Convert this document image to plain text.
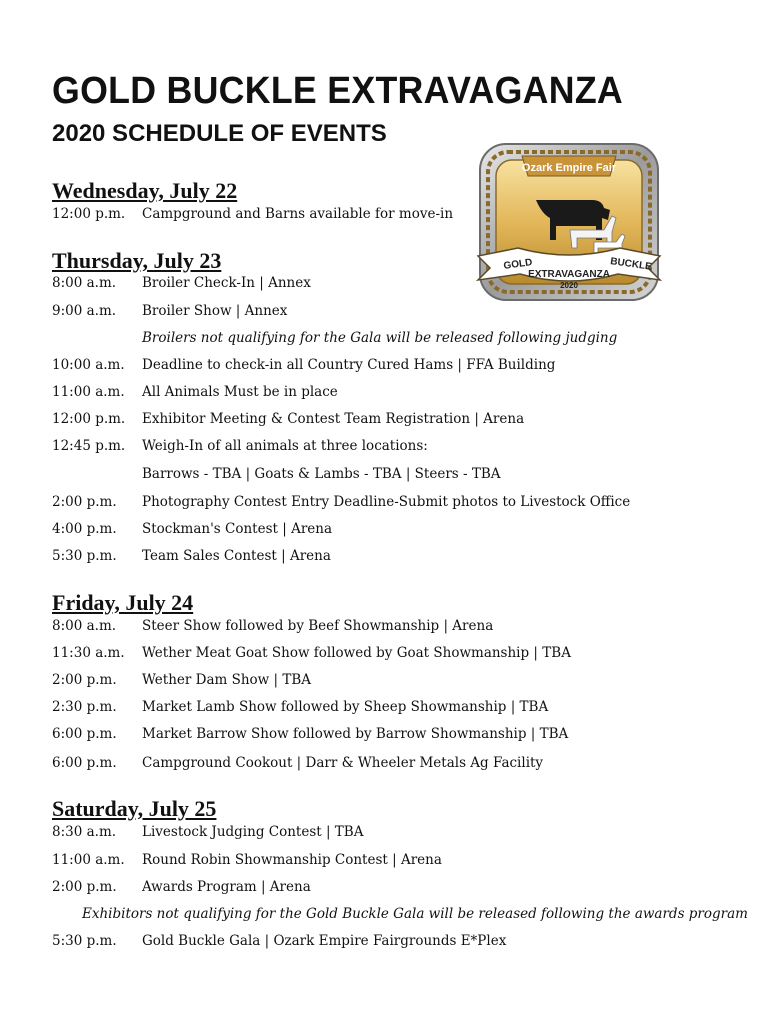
GOLD BUCKLE EXTRAVAGANZA
2020 SCHEDULE OF EVENTS
Ozark Empire Fair
GOLD	BUCKLE
EXTRAVAGANZA
2020
Wednesday, July 22
12:00 p.m. Campground and Barns available for move-in
Thursday, July 23
8:00 a.m. Broiler Check-In | Annex
9:00 a.m. Broiler Show | Annex
Broilers not qualifying for the Gala will be released following judging
10:00 a.m. Deadline to check-in all Country Cured Hams | FFA Building
11:00 a.m. All Animals Must be in place
12:00 p.m. Exhibitor Meeting & Contest Team Registration | Arena
12:45 p.m. Weigh-In of all animals at three locations:
Barrows - TBA | Goats & Lambs - TBA | Steers - TBA
2:00 p.m. Photography Contest Entry Deadline-Submit photos to Livestock Office
4:00 p.m. Stockman's Contest | Arena
5:30 p.m. Team Sales Contest | Arena
Friday, July 24
8:00 a.m. Steer Show followed by Beef Showmanship | Arena
11:30 a.m. Wether Meat Goat Show followed by Goat Showmanship | TBA
2:00 p.m. Wether Dam Show | TBA
2:30 p.m. Market Lamb Show followed by Sheep Showmanship | TBA
6:00 p.m. Market Barrow Show followed by Barrow Showmanship | TBA
6:00 p.m. Campground Cookout | Darr & Wheeler Metals Ag Facility
Saturday, July 25
8:30 a.m. Livestock Judging Contest | TBA
11:00 a.m. Round Robin Showmanship Contest | Arena
2:00 p.m. Awards Program | Arena
Exhibitors not qualifying for the Gold Buckle Gala will be released following the awards program
5:30 p.m. Gold Buckle Gala | Ozark Empire Fairgrounds E*Plex
